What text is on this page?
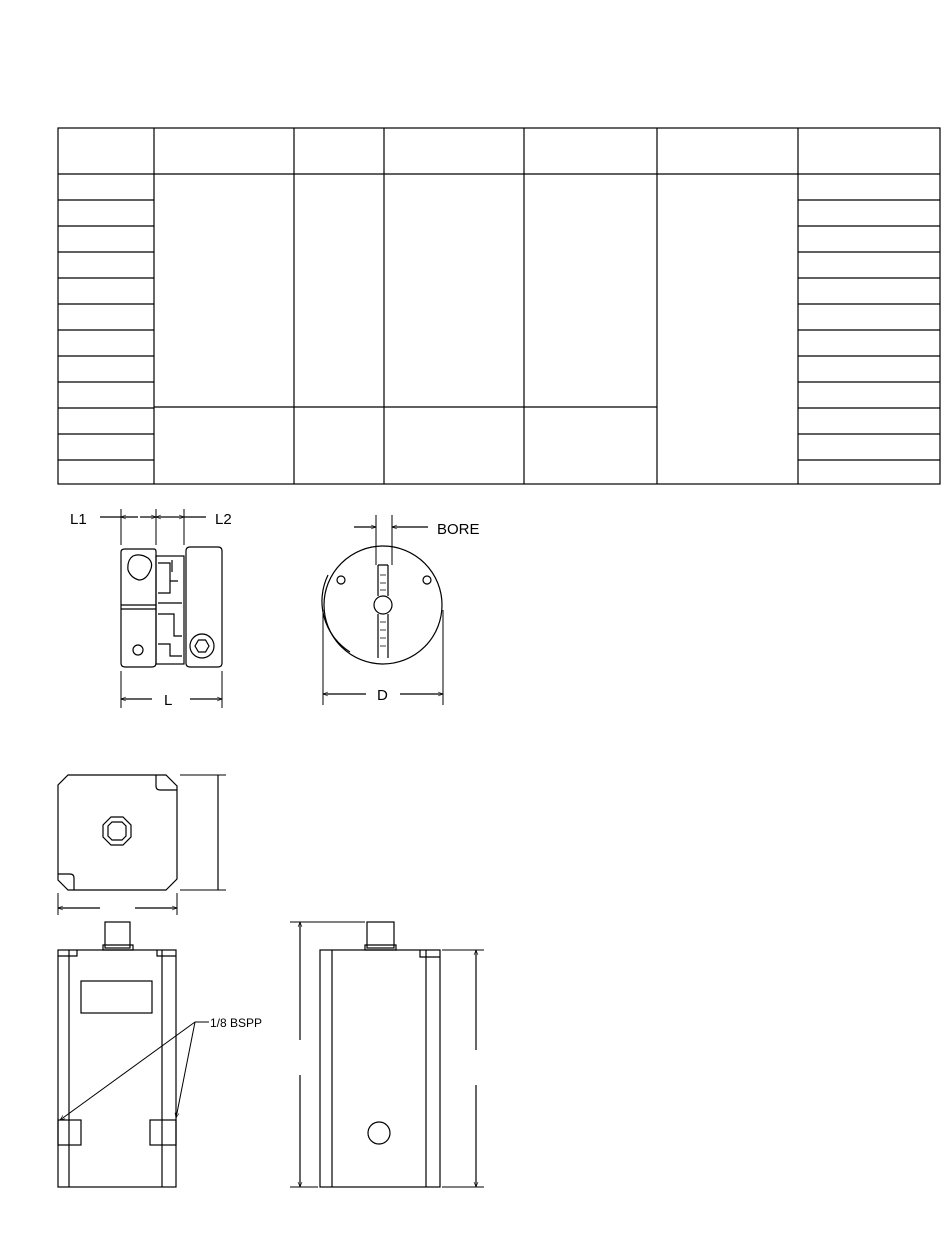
L1	L2
L
BORE
D
1/8 BSPP
